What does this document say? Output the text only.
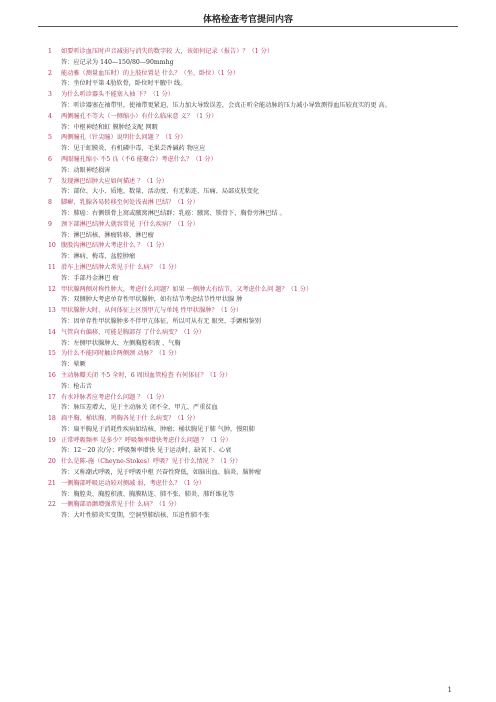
体格检查考官提问内容
1 如要听诊血压时声音减弱与消失的数字较 大，该如何记录（报告）？（1 分）
答：应记录为 140—150/80—90mmhg
2 能动雅（测量血压时）的上肢位置是 什么？（坐、卧位）（1 分）
答：坐位时平第 4肋软骨，卧位时平腋中 线。
3 为什么听诊器头不能塞入袖 下？（1 分）
答：听诊器塞在袖带里，使袖带更紧迫，压力加大导致误差，会真正听全能动脉的压力减小导致测得血压较真实的更 高。
4 两侧瞳孔不等大（一侧缩小）有什么临床意 义？（1 分）
答：中枢神经和虹 膜肿经支配 网暇
5 两侧瞳孔（针尖瞳）说明什么问题 ？（1 分）
答：见于虹膜炎、有机磷中毒、毛果芸香碱药 物应应
6 两眼瞳孔缩小 不5 良（不6 能聚合）考虑什么？（1 分）
答：动眼神经损害
7 发现淋巴结肿大应如何描述 ？（1 分）
答：部位、大小、质地、数量、活动度、有无粘连、压痛、局部皮肤变化
8 脚癣、乳腺各易转移至何处浅表淋 巴结？（1 分）
答：肺癌：右侧锁骨上窝或腋窝淋巴结群；乳癌：腋窝、锁骨下，胸骨旁淋巴结 。
9 颈下部淋巴结肿大就容常见 于什么疾病？（1 分）
答：淋巴结核、淋瘤转移、淋巴瘤
10 腹股沟淋巴结肿大考虑什么 ？（1 分）
答：淋病、梅毒、盆腔肿瘤
11 滑车上淋巴结肿大常见于什 么病？（1 分）
答：手部丹金淋巴 瘤
12 甲状腺两侧对称性肿大，考虑什么问题？如果 一侧肿大有结节，又考虑什么问 题？（1 分）
答：双侧肿大考虑单存性甲状腺肿，如有结节考虑结节性甲状腺 肿
13 甲状腺肿大时，从何体征上区别甲亢与单纯 性甲状腺肿？（1 分）
答：因单存性甲状腺肿多不伴甲亢体征，所以可从有无 眼突、手颤相鉴别
14 气管向右偏移，可能是胸部存 了什么病变？（1 分）
答：左侧甲状腺肿大、左侧胸腔积液 、气胸
15 为什么不能同时触诊两侧颈 动脉？（1 分）
答：晕厥
16 主动脉瓣关闭 不5 全时，6 周围血管检查 有何体征？（1 分）
答：枪击音
17 有水冲脉者应考虑什么问题 ？（1 分）
答：脉压差增大，见于主动脉关 闭不全，甲亢、严重贫血
18 扁平胸、桶状胸、鸡胸各见于什 么病变？（1 分）
答：扁平胸见于消耗性疾病如结核、肿瘤；桶状胸见于肺 气肿，慢阻肺
19 正常呼吸频率 是多少？呼吸频率增快考虑什么问题 ？（1 分）
答：12－20 次/分；呼吸频率增快 见于运动时、缺氧下、心衰
20 什么是陈-施（Cheyne-Stokes）呼吸？见于什么情况 ？（1 分）
答：又称潮式呼吸，见于呼吸中枢 兴奋性降低，如脑出血、脑炎、脑肿瘤
21 一侧胸部呼吸运动较对侧减 弱，考虑什么？（1 分）
答：胸腔炎、胸腔积液、胸膜粘连、肺不张、肺炎、肺纤维化等
22 一侧胸部语颤增强常见于什 么病？（1 分）
答：大叶性肺炎实变期，空洞型肺结核、压迫性肺不张
1
